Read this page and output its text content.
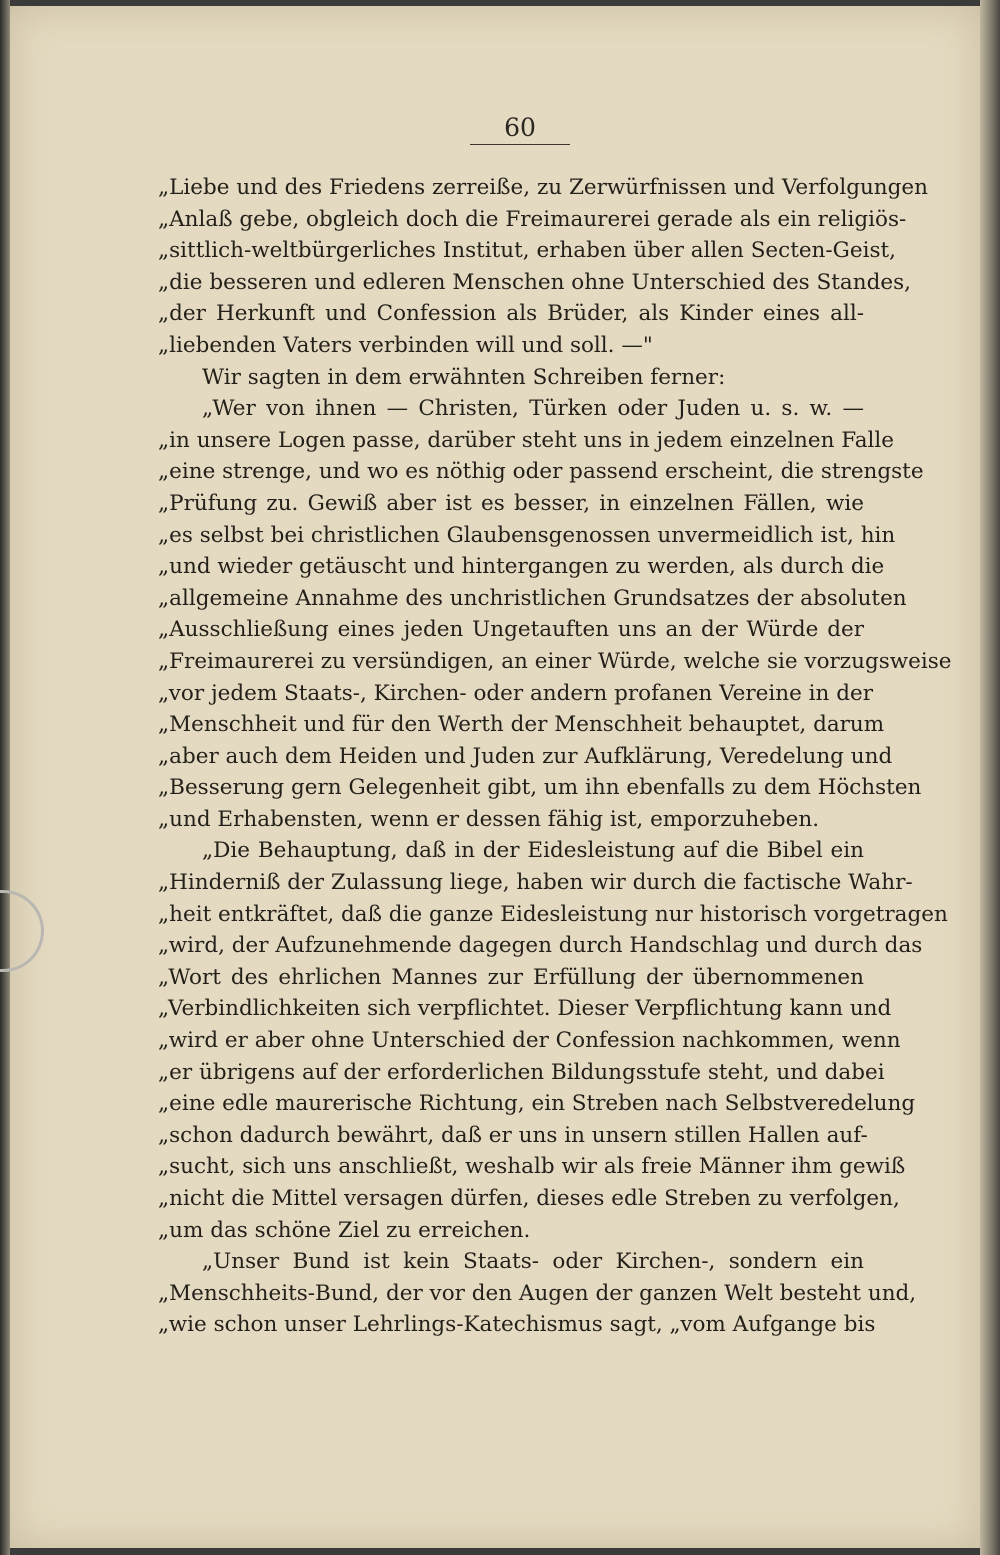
60
„Liebe und des Friedens zerreiße, zu Zerwürfnissen und Verfolgungen
„Anlaß gebe, obgleich doch die Freimaurerei gerade als ein religiös-
„sittlich-weltbürgerliches Institut, erhaben über allen Secten-Geist,
„die besseren und edleren Menschen ohne Unterschied des Standes,
„der Herkunft und Confession als Brüder, als Kinder eines all-
„liebenden Vaters verbinden will und soll. —"
Wir sagten in dem erwähnten Schreiben ferner:
„Wer von ihnen — Christen, Türken oder Juden u. s. w. —
„in unsere Logen passe, darüber steht uns in jedem einzelnen Falle
„eine strenge, und wo es nöthig oder passend erscheint, die strengste
„Prüfung zu. Gewiß aber ist es besser, in einzelnen Fällen, wie
„es selbst bei christlichen Glaubensgenossen unvermeidlich ist, hin
„und wieder getäuscht und hintergangen zu werden, als durch die
„allgemeine Annahme des unchristlichen Grundsatzes der absoluten
„Ausschließung eines jeden Ungetauften uns an der Würde der
„Freimaurerei zu versündigen, an einer Würde, welche sie vorzugsweise
„vor jedem Staats-, Kirchen- oder andern profanen Vereine in der
„Menschheit und für den Werth der Menschheit behauptet, darum
„aber auch dem Heiden und Juden zur Aufklärung, Veredelung und
„Besserung gern Gelegenheit gibt, um ihn ebenfalls zu dem Höchsten
„und Erhabensten, wenn er dessen fähig ist, emporzuheben.
„Die Behauptung, daß in der Eidesleistung auf die Bibel ein
„Hinderniß der Zulassung liege, haben wir durch die factische Wahr-
„heit entkräftet, daß die ganze Eidesleistung nur historisch vorgetragen
„wird, der Aufzunehmende dagegen durch Handschlag und durch das
„Wort des ehrlichen Mannes zur Erfüllung der übernommenen
„Verbindlichkeiten sich verpflichtet. Dieser Verpflichtung kann und
„wird er aber ohne Unterschied der Confession nachkommen, wenn
„er übrigens auf der erforderlichen Bildungsstufe steht, und dabei
„eine edle maurerische Richtung, ein Streben nach Selbstveredelung
„schon dadurch bewährt, daß er uns in unsern stillen Hallen auf-
„sucht, sich uns anschließt, weshalb wir als freie Männer ihm gewiß
„nicht die Mittel versagen dürfen, dieses edle Streben zu verfolgen,
„um das schöne Ziel zu erreichen.
„Unser Bund ist kein Staats- oder Kirchen-, sondern ein
„Menschheits-Bund, der vor den Augen der ganzen Welt besteht und,
„wie schon unser Lehrlings-Katechismus sagt, „vom Aufgange bis
